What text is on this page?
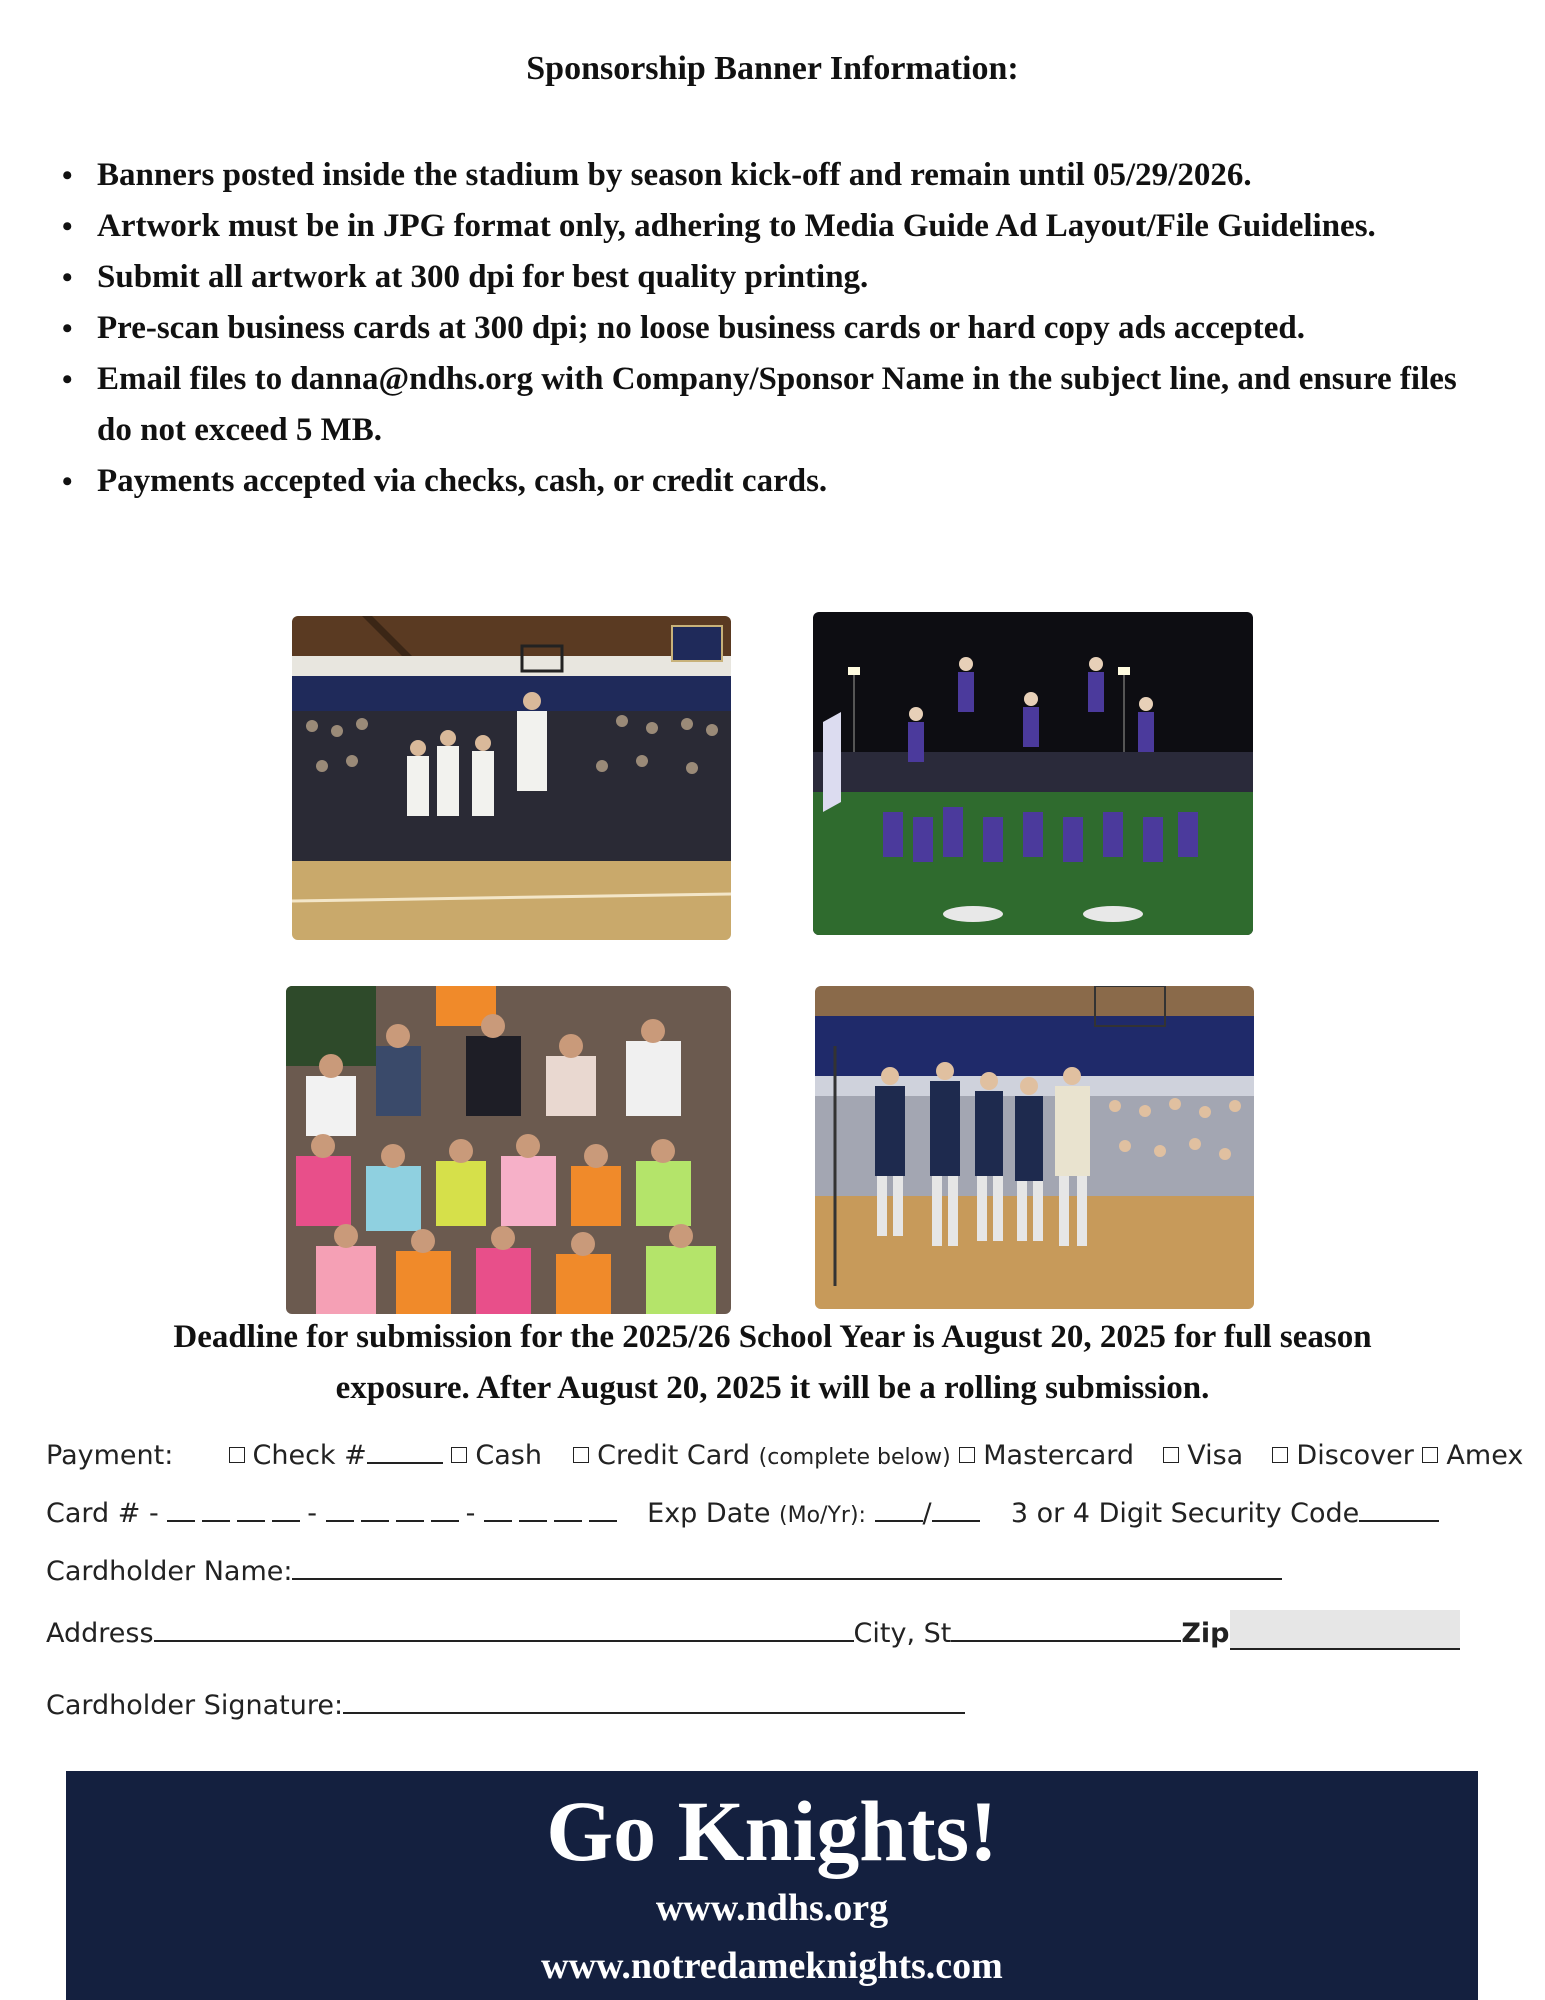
Sponsorship Banner Information:
• Banners posted inside the stadium by season kick-off and remain until 05/29/2026.
• Artwork must be in JPG format only, adhering to Media Guide Ad Layout/File Guidelines.
• Submit all artwork at 300 dpi for best quality printing.
• Pre-scan business cards at 300 dpi; no loose business cards or hard copy ads accepted.
• Email files to danna@ndhs.org with Company/Sponsor Name in the subject line, and ensure files do not exceed 5 MB.
• Payments accepted via checks, cash, or credit cards.
Deadline for submission for the 2025/26 School Year is August 20, 2025 for full season
exposure. After August 20, 2025 it will be a rolling submission.
Payment:	Check #	Cash Credit Card (complete below) Mastercard Visa Discover Amex
Card # -	-	-	Exp Date (Mo/Yr): /	3 or 4 Digit Security Code
Cardholder Name:
Address	City, St	Zip
Cardholder Signature:
Go Knights!
www.ndhs.org
www.notredameknights.com
